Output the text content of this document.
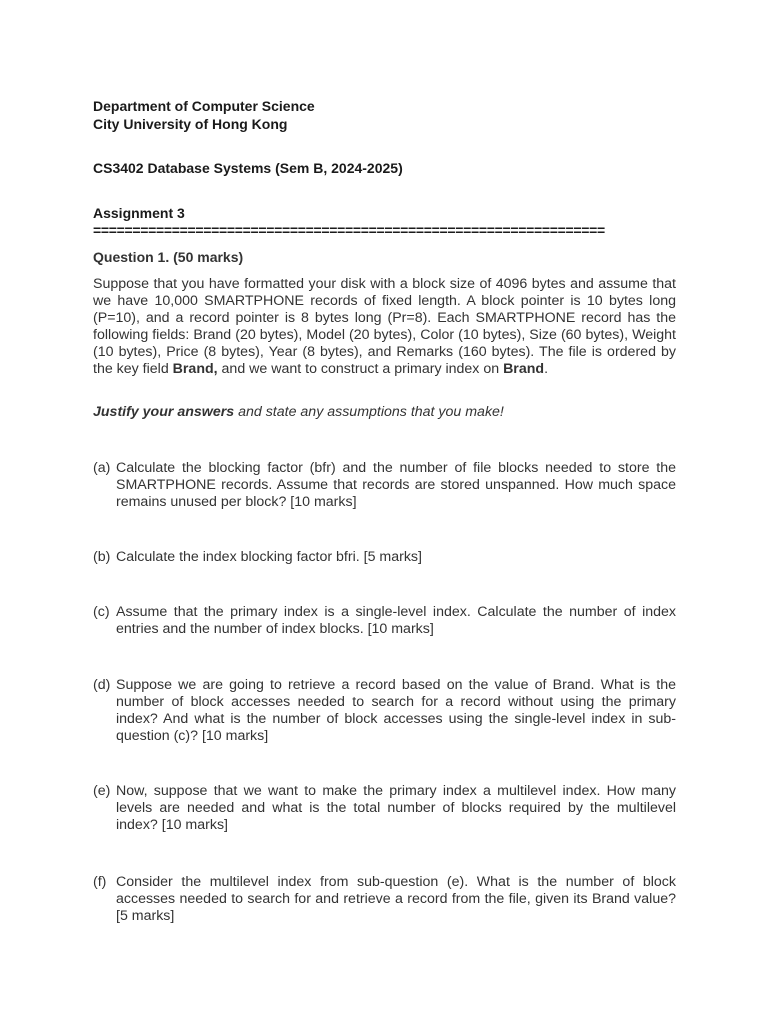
Department of Computer Science
City University of Hong Kong
CS3402 Database Systems (Sem B, 2024-2025)
Assignment 3
=================================================================
Question 1. (50 marks)
Suppose that you have formatted your disk with a block size of 4096 bytes and assume that we have 10,000 SMARTPHONE records of fixed length. A block pointer is 10 bytes long (P=10), and a record pointer is 8 bytes long (Pr=8). Each SMARTPHONE record has the following fields: Brand (20 bytes), Model (20 bytes), Color (10 bytes), Size (60 bytes), Weight (10 bytes), Price (8 bytes), Year (8 bytes), and Remarks (160 bytes). The file is ordered by the key field Brand, and we want to construct a primary index on Brand.
Justify your answers and state any assumptions that you make!
(a) Calculate the blocking factor (bfr) and the number of file blocks needed to store the SMARTPHONE records. Assume that records are stored unspanned. How much space remains unused per block? [10 marks]
(b) Calculate the index blocking factor bfri. [5 marks]
(c) Assume that the primary index is a single-level index. Calculate the number of index entries and the number of index blocks. [10 marks]
(d) Suppose we are going to retrieve a record based on the value of Brand. What is the number of block accesses needed to search for a record without using the primary index? And what is the number of block accesses using the single-level index in sub-question (c)? [10 marks]
(e) Now, suppose that we want to make the primary index a multilevel index. How many levels are needed and what is the total number of blocks required by the multilevel index? [10 marks]
(f) Consider the multilevel index from sub-question (e). What is the number of block accesses needed to search for and retrieve a record from the file, given its Brand value? [5 marks]
